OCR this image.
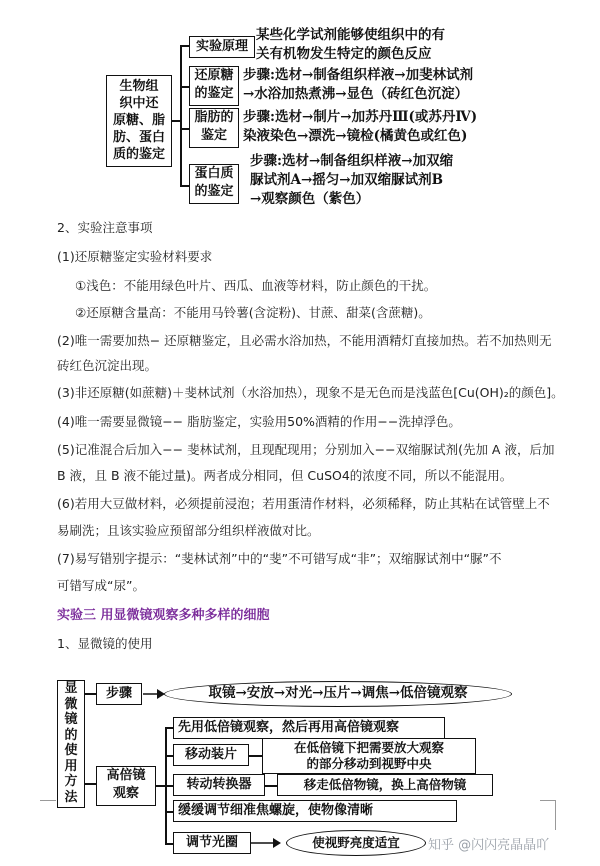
生物组
织中还
原糖、脂
肪、蛋白
质的鉴定
实验原理
某些化学试剂能够使组织中的有
关有机物发生特定的颜色反应
还原糖
的鉴定
步骤:选材→制备组织样液→加斐林试剂
→水浴加热煮沸→显色（砖红色沉淀）
脂肪的
鉴定
步骤:选材→制片→加苏丹Ⅲ(或苏丹Ⅳ)
染液染色→漂洗→镜检(橘黄色或红色)
蛋白质
的鉴定
步骤:选材→制备组织样液→加双缩
脲试剂A→摇匀→加双缩脲试剂B
→观察颜色（紫色）
2、实验注意事项
(1)还原糖鉴定实验材料要求
①浅色：不能用绿色叶片、西瓜、血液等材料，防止颜色的干扰。
②还原糖含量高：不能用马铃薯(含淀粉)、甘蔗、甜菜(含蔗糖)。
(2)唯一需要加热− 还原糖鉴定，且必需水浴加热，不能用酒精灯直接加热。若不加热则无
砖红色沉淀出现。
(3)非还原糖(如蔗糖)＋斐林试剂（水浴加热），现象不是无色而是浅蓝色[Cu(OH)₂的颜色]。
(4)唯一需要显微镜−− 脂肪鉴定，实验用50%酒精的作用−−洗掉浮色。
(5)记准混合后加入−− 斐林试剂，且现配现用；分别加入−−双缩脲试剂(先加 A 液，后加
B 液，且 B 液不能过量)。两者成分相同，但 CuSO4的浓度不同，所以不能混用。
(6)若用大豆做材料，必须提前浸泡；若用蛋清作材料，必须稀释，防止其粘在试管壁上不
易刷洗；且该实验应预留部分组织样液做对比。
(7)易写错别字提示：“斐林试剂”中的“斐”不可错写成“非”；双缩脲试剂中“脲”不
可错写成“尿”。
实验三 用显微镜观察多种多样的细胞
1、显微镜的使用
显
微
镜
的
使
用
方
法
步骤	取镜→安放→对光→压片→调焦→低倍镜观察
高倍镜
观察
先用低倍镜观察，然后再用高倍镜观察
移动装片	在低倍镜下把需要放大观察
的部分移动到视野中央
转动转换器	移走低倍物镜，换上高倍物镜
缓缓调节细准焦螺旋，使物像清晰
调节光圈	使视野亮度适宜	知乎 @闪闪亮晶晶吖
